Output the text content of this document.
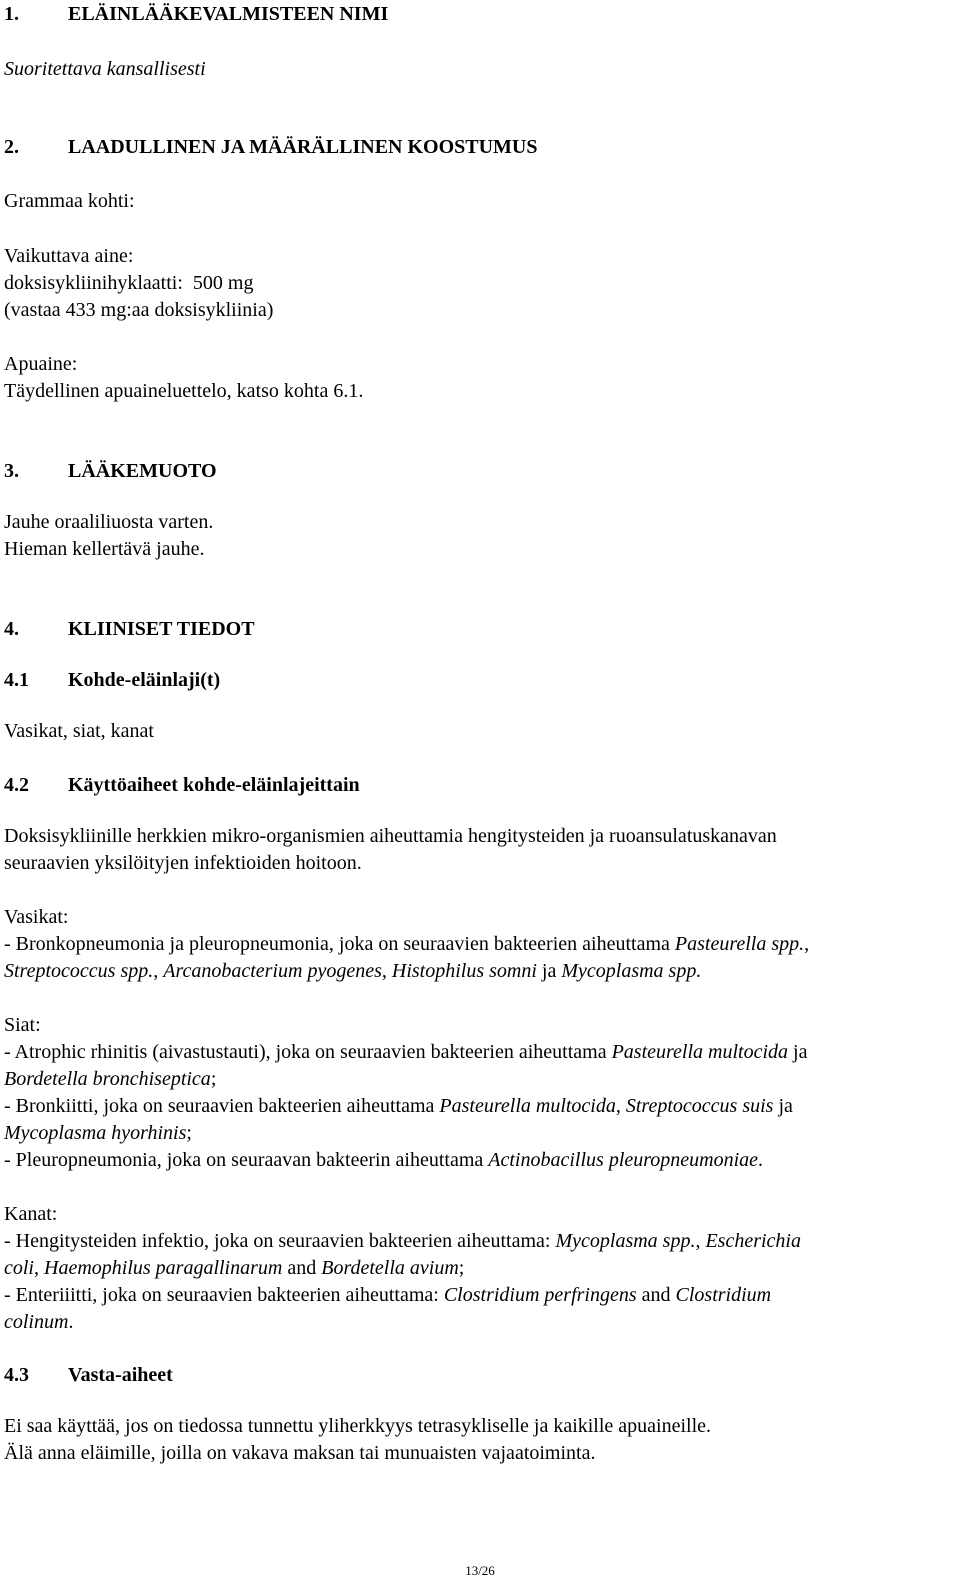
1. ELÄINLÄÄKEVALMISTEEN NIMI
Suoritettava kansallisesti
2. LAADULLINEN JA MÄÄRÄLLINEN KOOSTUMUS
Grammaa kohti:
Vaikuttava aine:
doksisykliinihyklaatti:  500 mg
(vastaa 433 mg:aa doksisykliinia)
Apuaine:
Täydellinen apuaineluettelo, katso kohta 6.1.
3. LÄÄKEMUOTO
Jauhe oraaliliuosta varten.
Hieman kellertävä jauhe.
4. KLIINISET TIEDOT
4.1 Kohde-eläinlaji(t)
Vasikat, siat, kanat
4.2 Käyttöaiheet kohde-eläinlajeittain
Doksisykliinille herkkien mikro-organismien aiheuttamia hengitysteiden ja ruoansulatuskanavan
seuraavien yksilöityjen infektioiden hoitoon.
Vasikat:
- Bronkopneumonia ja pleuropneumonia, joka on seuraavien bakteerien aiheuttama Pasteurella spp.,
Streptococcus spp., Arcanobacterium pyogenes, Histophilus somni ja Mycoplasma spp.
Siat:
- Atrophic rhinitis (aivastustauti), joka on seuraavien bakteerien aiheuttama Pasteurella multocida ja
Bordetella bronchiseptica;
- Bronkiitti, joka on seuraavien bakteerien aiheuttama Pasteurella multocida, Streptococcus suis ja
Mycoplasma hyorhinis;
- Pleuropneumonia, joka on seuraavan bakteerin aiheuttama Actinobacillus pleuropneumoniae.
Kanat:
- Hengitysteiden infektio, joka on seuraavien bakteerien aiheuttama: Mycoplasma spp., Escherichia
coli, Haemophilus paragallinarum and Bordetella avium;
- Enteriiitti, joka on seuraavien bakteerien aiheuttama: Clostridium perfringens and Clostridium
colinum.
4.3 Vasta-aiheet
Ei saa käyttää, jos on tiedossa tunnettu yliherkkyys tetrasykliselle ja kaikille apuaineille.
Älä anna eläimille, joilla on vakava maksan tai munuaisten vajaatoiminta.
13/26
